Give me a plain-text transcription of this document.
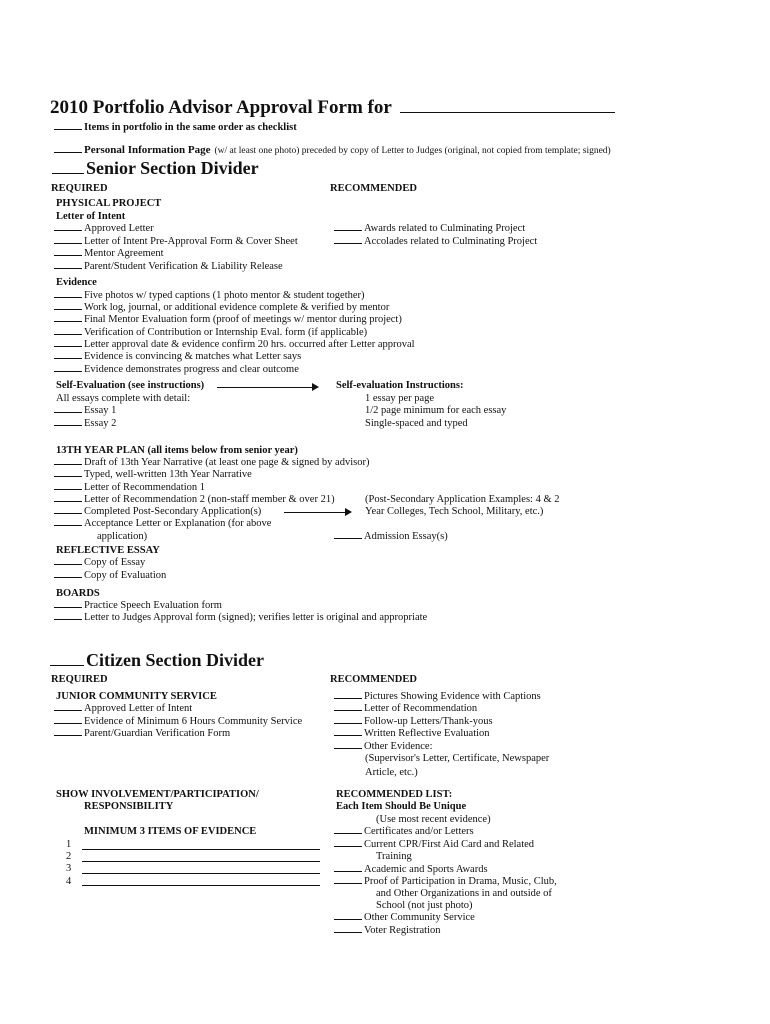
2010 Portfolio Advisor Approval Form for
Items in portfolio in the same order as checklist
Personal Information Page (w/ at least one photo) preceded by copy of Letter to Judges (original, not copied from template; signed)
Senior Section Divider
REQUIRED	RECOMMENDED
PHYSICAL PROJECT
Letter of Intent
Approved Letter
Letter of Intent Pre-Approval Form & Cover Sheet
Mentor Agreement
Parent/Student Verification & Liability Release
Awards related to Culminating Project
Accolades related to Culminating Project
Evidence
Five photos w/ typed captions (1 photo mentor & student together)
Work log, journal, or additional evidence complete & verified by mentor
Final Mentor Evaluation form (proof of meetings w/ mentor during project)
Verification of Contribution or Internship Eval. form (if applicable)
Letter approval date & evidence confirm 20 hrs. occurred after Letter approval
Evidence is convincing & matches what Letter says
Evidence demonstrates progress and clear outcome
Self-Evaluation (see instructions)	Self-evaluation Instructions:
All essays complete with detail:	1 essay per page
Essay 1	1/2 page minimum for each essay
Essay 2	Single-spaced and typed
13TH YEAR PLAN (all items below from senior year)
Draft of 13th Year Narrative (at least one page & signed by advisor)
Typed, well-written 13th Year Narrative
Letter of Recommendation 1
Letter of Recommendation 2 (non-staff member & over 21)
Completed Post-Secondary Application(s)
Acceptance Letter or Explanation (for above
application)
(Post-Secondary Application Examples: 4 & 2
Year Colleges, Tech School, Military, etc.)
Admission Essay(s)
REFLECTIVE ESSAY
Copy of Essay
Copy of Evaluation
BOARDS
Practice Speech Evaluation form
Letter to Judges Approval form (signed); verifies letter is original and appropriate
Citizen Section Divider
REQUIRED	RECOMMENDED
JUNIOR COMMUNITY SERVICE
Approved Letter of Intent
Evidence of Minimum 6 Hours Community Service
Parent/Guardian Verification Form
Pictures Showing Evidence with Captions
Letter of Recommendation
Follow-up Letters/Thank-yous
Written Reflective Evaluation
Other Evidence:
(Supervisor's Letter, Certificate, Newspaper
Article, etc.)
SHOW INVOLVEMENT/PARTICIPATION/
RESPONSIBILITY
MINIMUM 3 ITEMS OF EVIDENCE
1
2
3
4
RECOMMENDED LIST:
Each Item Should Be Unique
(Use most recent evidence)
Certificates and/or Letters
Current CPR/First Aid Card and Related
Training
Academic and Sports Awards
Proof of Participation in Drama, Music, Club,
and Other Organizations in and outside of
School (not just photo)
Other Community Service
Voter Registration
